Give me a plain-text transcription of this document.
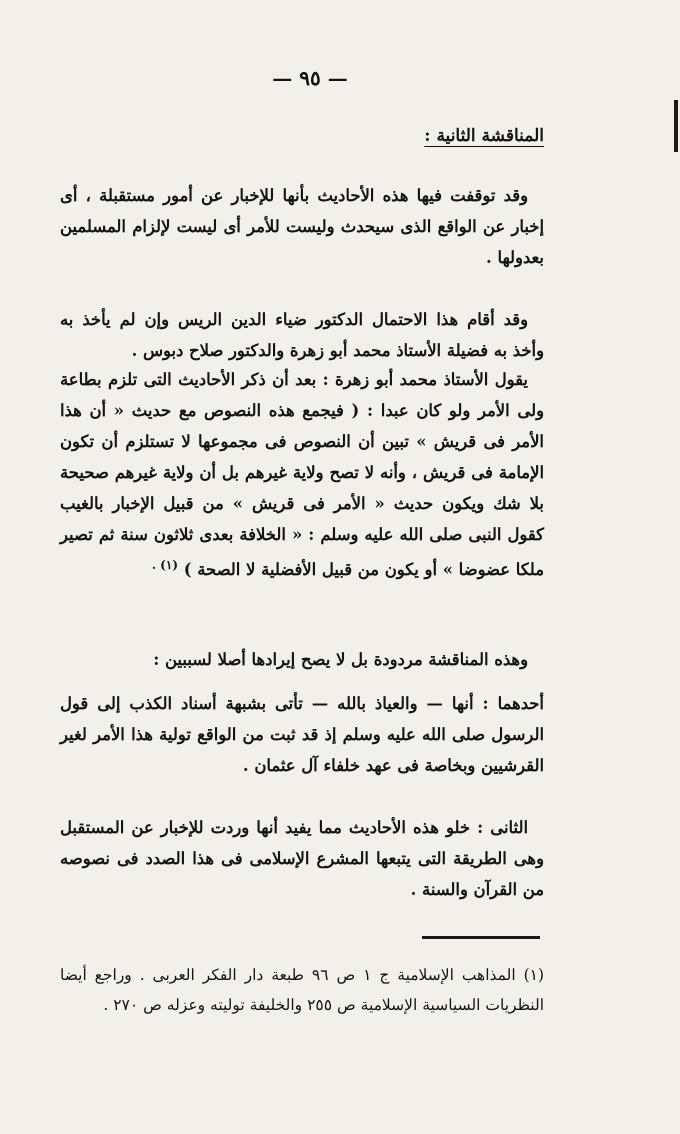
— ٩٥ —
المناقشة الثانية :
وقد توقفت فيها هذه الأحاديث بأنها للإخبار عن أمور مستقبلة ، أى إخبار عن الواقع الذى سيحدث وليست للأمر أى ليست لإلزام المسلمين بعدولها .
وقد أقام هذا الاحتمال الدكتور ضياء الدين الريس وإن لم يأخذ به وأخذ به فضيلة الأستاذ محمد أبو زهرة والدكتور صلاح دبوس .
يقول الأستاذ محمد أبو زهرة : بعد أن ذكر الأحاديث التى تلزم بطاعة ولى الأمر ولو كان عبدا : ( فيجمع هذه النصوص مع حديث « أن هذا الأمر فى قريش » تبين أن النصوص فى مجموعها لا تستلزم أن تكون الإمامة فى قريش ، وأنه لا تصح ولاية غيرهم بل أن ولاية غيرهم صحيحة بلا شك ويكون حديث « الأمر فى قريش » من قبيل الإخبار بالغيب كقول النبى صلى الله عليه وسلم : « الخلافة بعدى ثلاثون سنة ثم تصير ملكا عضوضا » أو يكون من قبيل الأفضلية لا الصحة ) $^{(١) .}$
وهذه المناقشة مردودة بل لا يصح إيرادها أصلا لسببين :
أحدهما : أنها — والعياذ بالله — تأتى بشبهة أسناد الكذب إلى قول الرسول صلى الله عليه وسلم إذ قد ثبت من الواقع تولية هذا الأمر لغير القرشيين وبخاصة فى عهد خلفاء آل عثمان .
الثانى : خلو هذه الأحاديث مما يفيد أنها وردت للإخبار عن المستقبل وهى الطريقة التى يتبعها المشرع الإسلامى فى هذا الصدد فى نصوصه من القرآن والسنة .
(١) المذاهب الإسلامية ج ١ ص ٩٦ طبعة دار الفكر العربى . وراجع أيضا النظريات السياسية الإسلامية ص ٢٥٥ والخليفة توليته وعزله ص ٢٧٠ .
